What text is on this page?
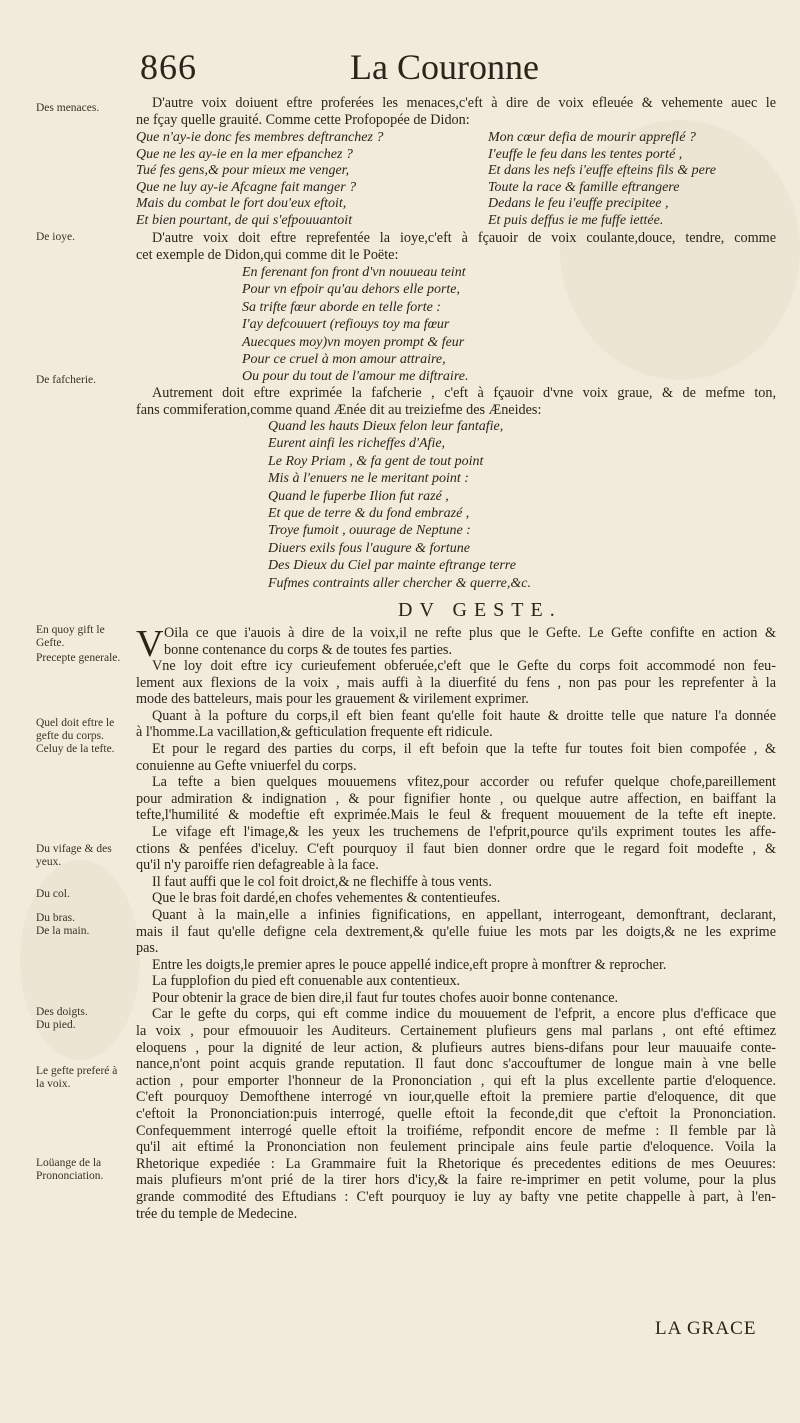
866	La Couronne
Des menaces.
De ioye.
De fafcherie.
En quoy gift le Gefte.
Precepte generale.
Quel doit eftre le gefte du corps. Celuy de la tefte.
Du vifage & des yeux.
Du col.
Du bras.
De la main.
Des doigts.
Du pied.
Le gefte preferé à la voix.
Loüange de la Prononciation.
D'autre voix doiuent eftre proferées les menaces,c'eft à dire de voix efleuée & vehemente auec le
ne fçay quelle grauité. Comme cette Profopopée de Didon:
Que n'ay-ie donc fes membres deftranchez ?	Mon cœur defia de mourir appreflé ?
Que ne les ay-ie en la mer efpanchez ?	I'euffe le feu dans les tentes porté ,
Tué fes gens,& pour mieux me venger,	Et dans les nefs i'euffe efteins fils & pere
Que ne luy ay-ie Afcagne fait manger ?	Toute la race & famille eftrangere
Mais du combat le fort dou'eux eftoit,	Dedans le feu i'euffe precipitee ,
Et bien pourtant, de qui s'efpouuantoit	Et puis deffus ie me fuffe iettée.
D'autre voix doit eftre reprefentée la ioye,c'eft à fçauoir de voix coulante,douce, tendre, comme
cet exemple de Didon,qui comme dit le Poëte:
En ferenant fon front d'vn nouueau teint
Pour vn efpoir qu'au dehors elle porte,
Sa trifte fœur aborde en telle forte :
I'ay defcouuert (refiouys toy ma fœur
Auecques moy)vn moyen prompt & feur
Pour ce cruel à mon amour attraire,
Ou pour du tout de l'amour me diftraire.
Autrement doit eftre exprimée la fafcherie , c'eft à fçauoir d'vne voix graue, & de mefme ton,
fans commiferation,comme quand Ænée dit au treiziefme des Æneides:
Quand les hauts Dieux felon leur fantafie,
Eurent ainfi les richeffes d'Afie,
Le Roy Priam , & fa gent de tout point
Mis à l'enuers ne le meritant point :
Quand le fuperbe Ilion fut razé ,
Et que de terre & du fond embrazé ,
Troye fumoit , ouurage de Neptune :
Diuers exils fous l'augure & fortune
Des Dieux du Ciel par mainte eftrange terre
Fufmes contraints aller chercher & querre,&c.
DV GESTE.
V Oila ce que i'auois à dire de la voix,il ne refte plus que le Gefte. Le Gefte confifte en action &
bonne contenance du corps & de toutes fes parties.
Vne loy doit eftre icy curieufement obferuée,c'eft que le Gefte du corps foit accommodé non feu-
lement aux flexions de la voix , mais auffi à la diuerfité du fens , non pas pour les reprefenter à la
mode des batteleurs, mais pour les grauement & virilement exprimer.
Quant à la pofture du corps,il eft bien feant qu'elle foit haute & droitte telle que nature l'a donnée
à l'homme.La vacillation,& gefticulation frequente eft ridicule.
Et pour le regard des parties du corps, il eft befoin que la tefte fur toutes foit bien compofée , &
conuienne au Gefte vniuerfel du corps.
La tefte a bien quelques mouuemens vfitez,pour accorder ou refufer quelque chofe,pareillement
pour admiration & indignation , & pour fignifier honte , ou quelque autre affection, en baiffant la
tefte,l'humilité & modeftie eft exprimée.Mais le feul & frequent mouuement de la tefte eft inepte.
Le vifage eft l'image,& les yeux les truchemens de l'efprit,pource qu'ils expriment toutes les affe-
ctions & penfées d'iceluy. C'eft pourquoy il faut bien donner ordre que le regard foit modefte , &
qu'il n'y paroiffe rien defagreable à la face.
Il faut auffi que le col foit droict,& ne flechiffe à tous vents.
Que le bras foit dardé,en chofes vehementes & contentieufes.
Quant à la main,elle a infinies fignifications, en appellant, interrogeant, demonftrant, declarant,
mais il faut qu'elle defigne cela dextrement,& qu'elle fuiue les mots par les doigts,& ne les exprime
pas.
Entre les doigts,le premier apres le pouce appellé indice,eft propre à monftrer & reprocher.
La fupplofion du pied eft conuenable aux contentieux.
Pour obtenir la grace de bien dire,il faut fur toutes chofes auoir bonne contenance.
Car le gefte du corps, qui eft comme indice du mouuement de l'efprit, a encore plus d'efficace que
la voix , pour efmouuoir les Auditeurs. Certainement plufieurs gens mal parlans , ont efté eftimez
eloquens , pour la dignité de leur action, & plufieurs autres biens-difans pour leur mauuaife conte-
nance,n'ont point acquis grande reputation. Il faut donc s'accouftumer de longue main à vne belle
action , pour emporter l'honneur de la Prononciation , qui eft la plus excellente partie d'eloquence.
C'eft pourquoy Demofthene interrogé vn iour,quelle eftoit la premiere partie d'eloquence, dit que
c'eftoit la Prononciation:puis interrogé, quelle eftoit la feconde,dit que c'eftoit la Prononciation.
Confequemment interrogé quelle eftoit la troifiéme, refpondit encore de mefme : Il femble par là
qu'il ait eftimé la Prononciation non feulement principale ains feule partie d'eloquence. Voila la
Rhetorique expediée : La Grammaire fuit la Rhetorique és precedentes editions de mes Oeuures:
mais plufieurs m'ont prié de la tirer hors d'icy,& la faire re-imprimer en petit volume, pour la plus
grande commodité des Eftudians : C'eft pourquoy ie luy ay bafty vne petite chappelle à part, à l'en-
trée du temple de Medecine.
LA GRACE
